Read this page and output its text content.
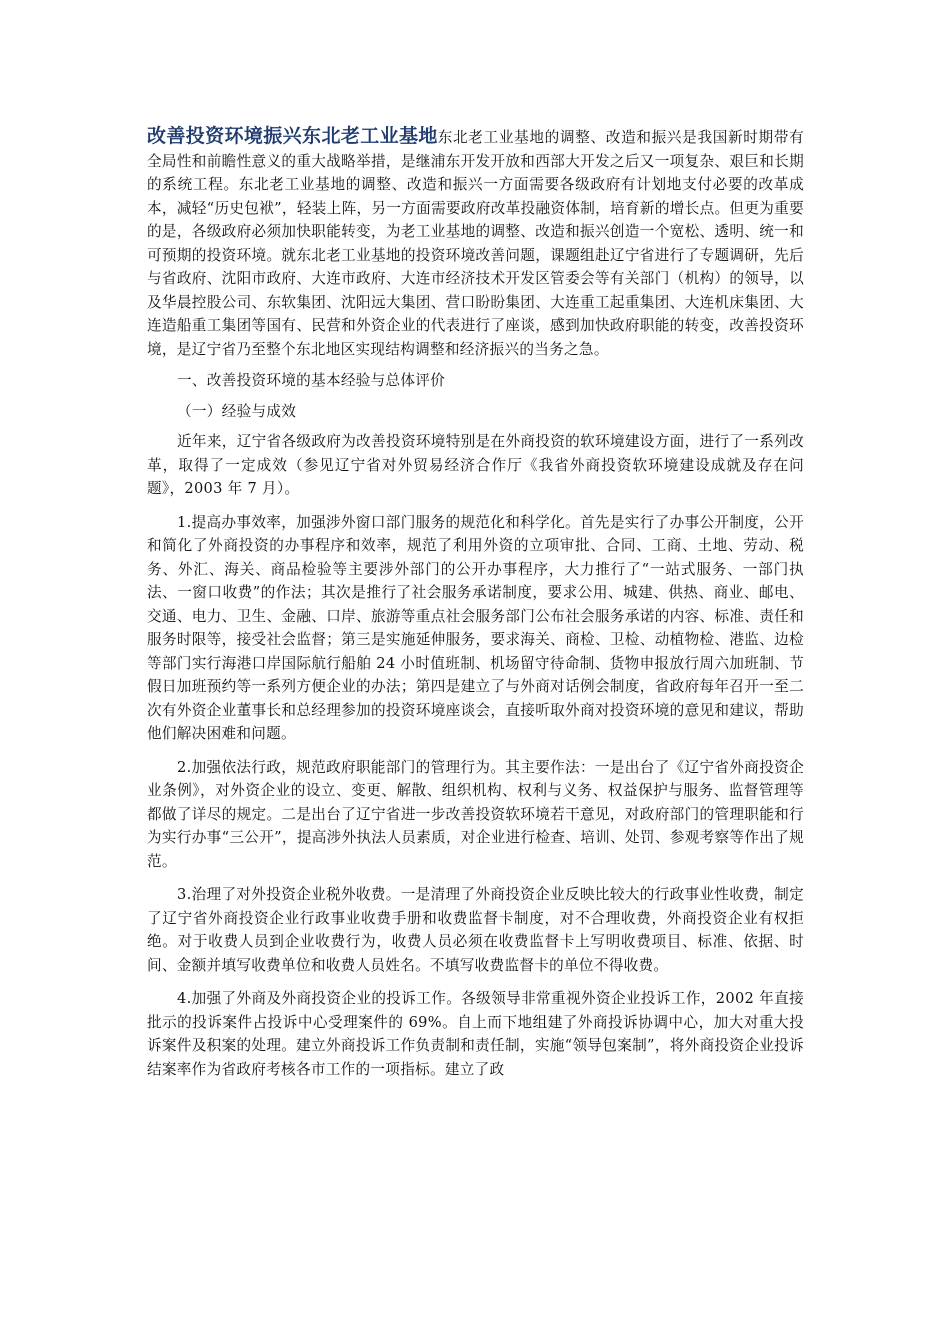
改善投资环境振兴东北老工业基地东北老工业基地的调整、改造和振兴是我国新时期带有全局性和前瞻性意义的重大战略举措，是继浦东开发开放和西部大开发之后又一项复杂、艰巨和长期的系统工程。东北老工业基地的调整、改造和振兴一方面需要各级政府有计划地支付必要的改革成本，减轻“历史包袱”，轻装上阵，另一方面需要政府改革投融资体制，培育新的增长点。但更为重要的是，各级政府必须加快职能转变，为老工业基地的调整、改造和振兴创造一个宽松、透明、统一和可预期的投资环境。就东北老工业基地的投资环境改善问题，课题组赴辽宁省进行了专题调研，先后与省政府、沈阳市政府、大连市政府、大连市经济技术开发区管委会等有关部门（机构）的领导，以及华晨控股公司、东软集团、沈阳远大集团、营口盼盼集团、大连重工起重集团、大连机床集团、大连造船重工集团等国有、民营和外资企业的代表进行了座谈，感到加快政府职能的转变，改善投资环境，是辽宁省乃至整个东北地区实现结构调整和经济振兴的当务之急。

一、改善投资环境的基本经验与总体评价

（一）经验与成效

近年来，辽宁省各级政府为改善投资环境特别是在外商投资的软环境建设方面，进行了一系列改革，取得了一定成效（参见辽宁省对外贸易经济合作厅《我省外商投资软环境建设成就及存在问题》，2003 年 7 月）。

1.提高办事效率，加强涉外窗口部门服务的规范化和科学化。首先是实行了办事公开制度，公开和简化了外商投资的办事程序和效率，规范了利用外资的立项审批、合同、工商、土地、劳动、税务、外汇、海关、商品检验等主要涉外部门的公开办事程序，大力推行了“一站式服务、一部门执法、一窗口收费”的作法；其次是推行了社会服务承诺制度，要求公用、城建、供热、商业、邮电、交通、电力、卫生、金融、口岸、旅游等重点社会服务部门公布社会服务承诺的内容、标准、责任和服务时限等，接受社会监督；第三是实施延伸服务，要求海关、商检、卫检、动植物检、港监、边检等部门实行海港口岸国际航行船舶 24 小时值班制、机场留守待命制、货物申报放行周六加班制、节假日加班预约等一系列方便企业的办法；第四是建立了与外商对话例会制度，省政府每年召开一至二次有外资企业董事长和总经理参加的投资环境座谈会，直接听取外商对投资环境的意见和建议，帮助他们解决困难和问题。

2.加强依法行政，规范政府职能部门的管理行为。其主要作法：一是出台了《辽宁省外商投资企业条例》，对外资企业的设立、变更、解散、组织机构、权利与义务、权益保护与服务、监督管理等都做了详尽的规定。二是出台了辽宁省进一步改善投资软环境若干意见，对政府部门的管理职能和行为实行办事“三公开”，提高涉外执法人员素质，对企业进行检查、培训、处罚、参观考察等作出了规范。

3.治理了对外投资企业税外收费。一是清理了外商投资企业反映比较大的行政事业性收费，制定了辽宁省外商投资企业行政事业收费手册和收费监督卡制度，对不合理收费，外商投资企业有权拒绝。对于收费人员到企业收费行为，收费人员必须在收费监督卡上写明收费项目、标准、依据、时间、金额并填写收费单位和收费人员姓名。不填写收费监督卡的单位不得收费。

4.加强了外商及外商投资企业的投诉工作。各级领导非常重视外资企业投诉工作，2002 年直接批示的投诉案件占投诉中心受理案件的 69%。自上而下地组建了外商投诉协调中心，加大对重大投诉案件及积案的处理。建立外商投诉工作负责制和责任制，实施“领导包案制”，将外商投资企业投诉结案率作为省政府考核各市工作的一项指标。建立了政
